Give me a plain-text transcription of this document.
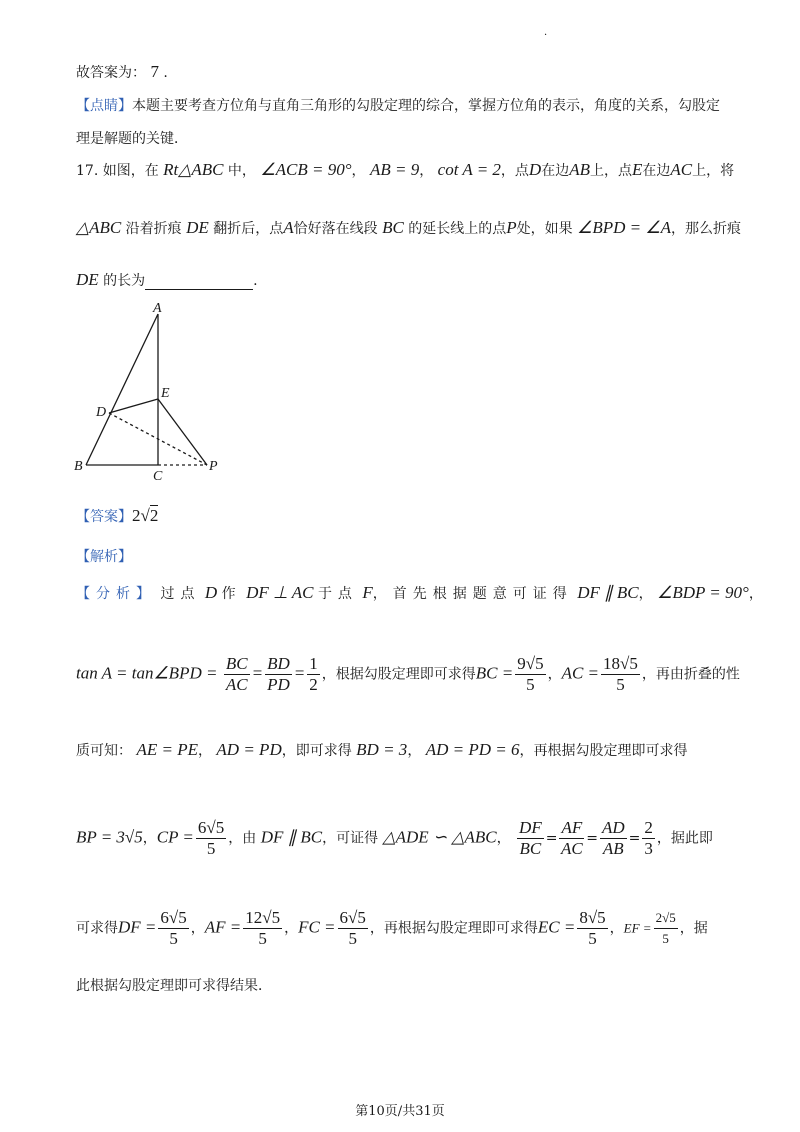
·
故答案为： 7 .
【点睛】本题主要考查方位角与直角三角形的勾股定理的综合，掌握方位角的表示，角度的关系，勾股定
理是解题的关键．
17. 如图，在 Rt△ABC 中， ∠ACB = 90°， AB = 9， cot A = 2，点D在边AB上，点E在边AC上，将
△ABC 沿着折痕 DE 翻折后，点A恰好落在线段 BC 的延长线上的点P处，如果 ∠BPD = ∠A，那么折痕
DE 的长为	.
A
B
C
D
E
P
【答案】2√2
【解析】
【分析】 过点 D 作 DF ⊥ AC 于点 F，首先根据题意可证得 DF ∥ BC， ∠BDP = 90°，
tan A = tan∠BPD = $\frac{BC}{AC} = \frac{BD}{PD} = \frac{1}{2}$ ，根据勾股定理即可求得BC = $\frac{9√5}{5}$ ，AC = $\frac{18√5}{5}$ ，再由折叠的性
质可知： AE = PE， AD = PD，即可求得 BD = 3， AD = PD = 6，再根据勾股定理即可求得
BP = 3√5，CP = $\frac{6√5}{5}$ ，由 DF ∥ BC，可证得 △ADE ∽ △ABC， $\frac{DF}{BC} = \frac{AF}{AC} = \frac{AD}{AB} = \frac{2}{3}$ ，据此即
可求得DF = $\frac{6√5}{5}$ ，AF = $\frac{12√5}{5}$ ，FC = $\frac{6√5}{5}$ ，再根据勾股定理即可求得EC = $\frac{8√5}{5}$ ，EF = $\frac{2√5}{5}$ ，据
此根据勾股定理即可求得结果．
第10页/共31页
